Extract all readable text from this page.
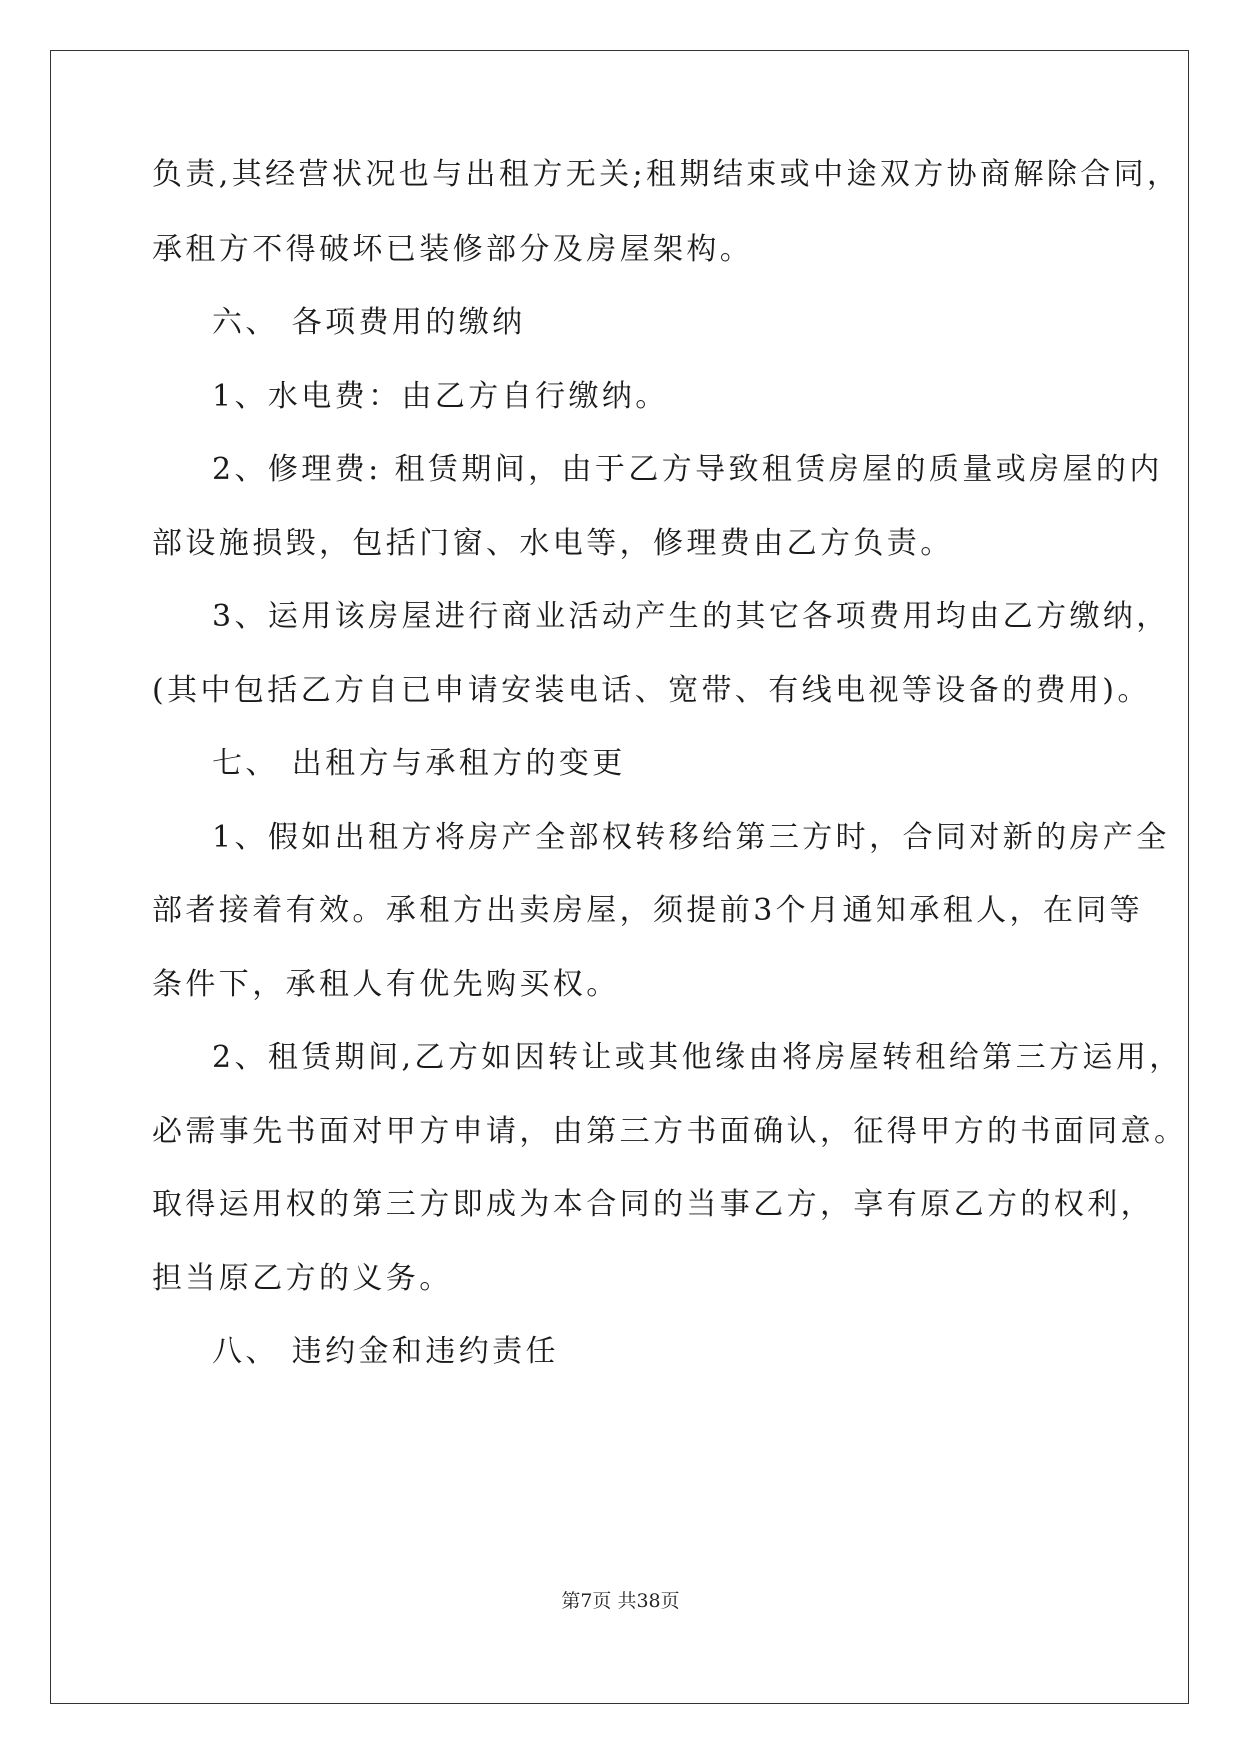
负责,其经营状况也与出租方无关;租期结束或中途双方协商解除合同，
承租方不得破坏已装修部分及房屋架构。
六、 各项费用的缴纳
1、水电费：由乙方自行缴纳。
2、修理费: 租赁期间，由于乙方导致租赁房屋的质量或房屋的内
部设施损毁，包括门窗、水电等，修理费由乙方负责。
3、运用该房屋进行商业活动产生的其它各项费用均由乙方缴纳，
(其中包括乙方自已申请安装电话、宽带、有线电视等设备的费用)。
七、 出租方与承租方的变更
1、假如出租方将房产全部权转移给第三方时，合同对新的房产全
部者接着有效。承租方出卖房屋，须提前3个月通知承租人，在同等
条件下，承租人有优先购买权。
2、租赁期间,乙方如因转让或其他缘由将房屋转租给第三方运用，
必需事先书面对甲方申请，由第三方书面确认，征得甲方的书面同意。
取得运用权的第三方即成为本合同的当事乙方，享有原乙方的权利，
担当原乙方的义务。
八、 违约金和违约责任
第7页 共38页
